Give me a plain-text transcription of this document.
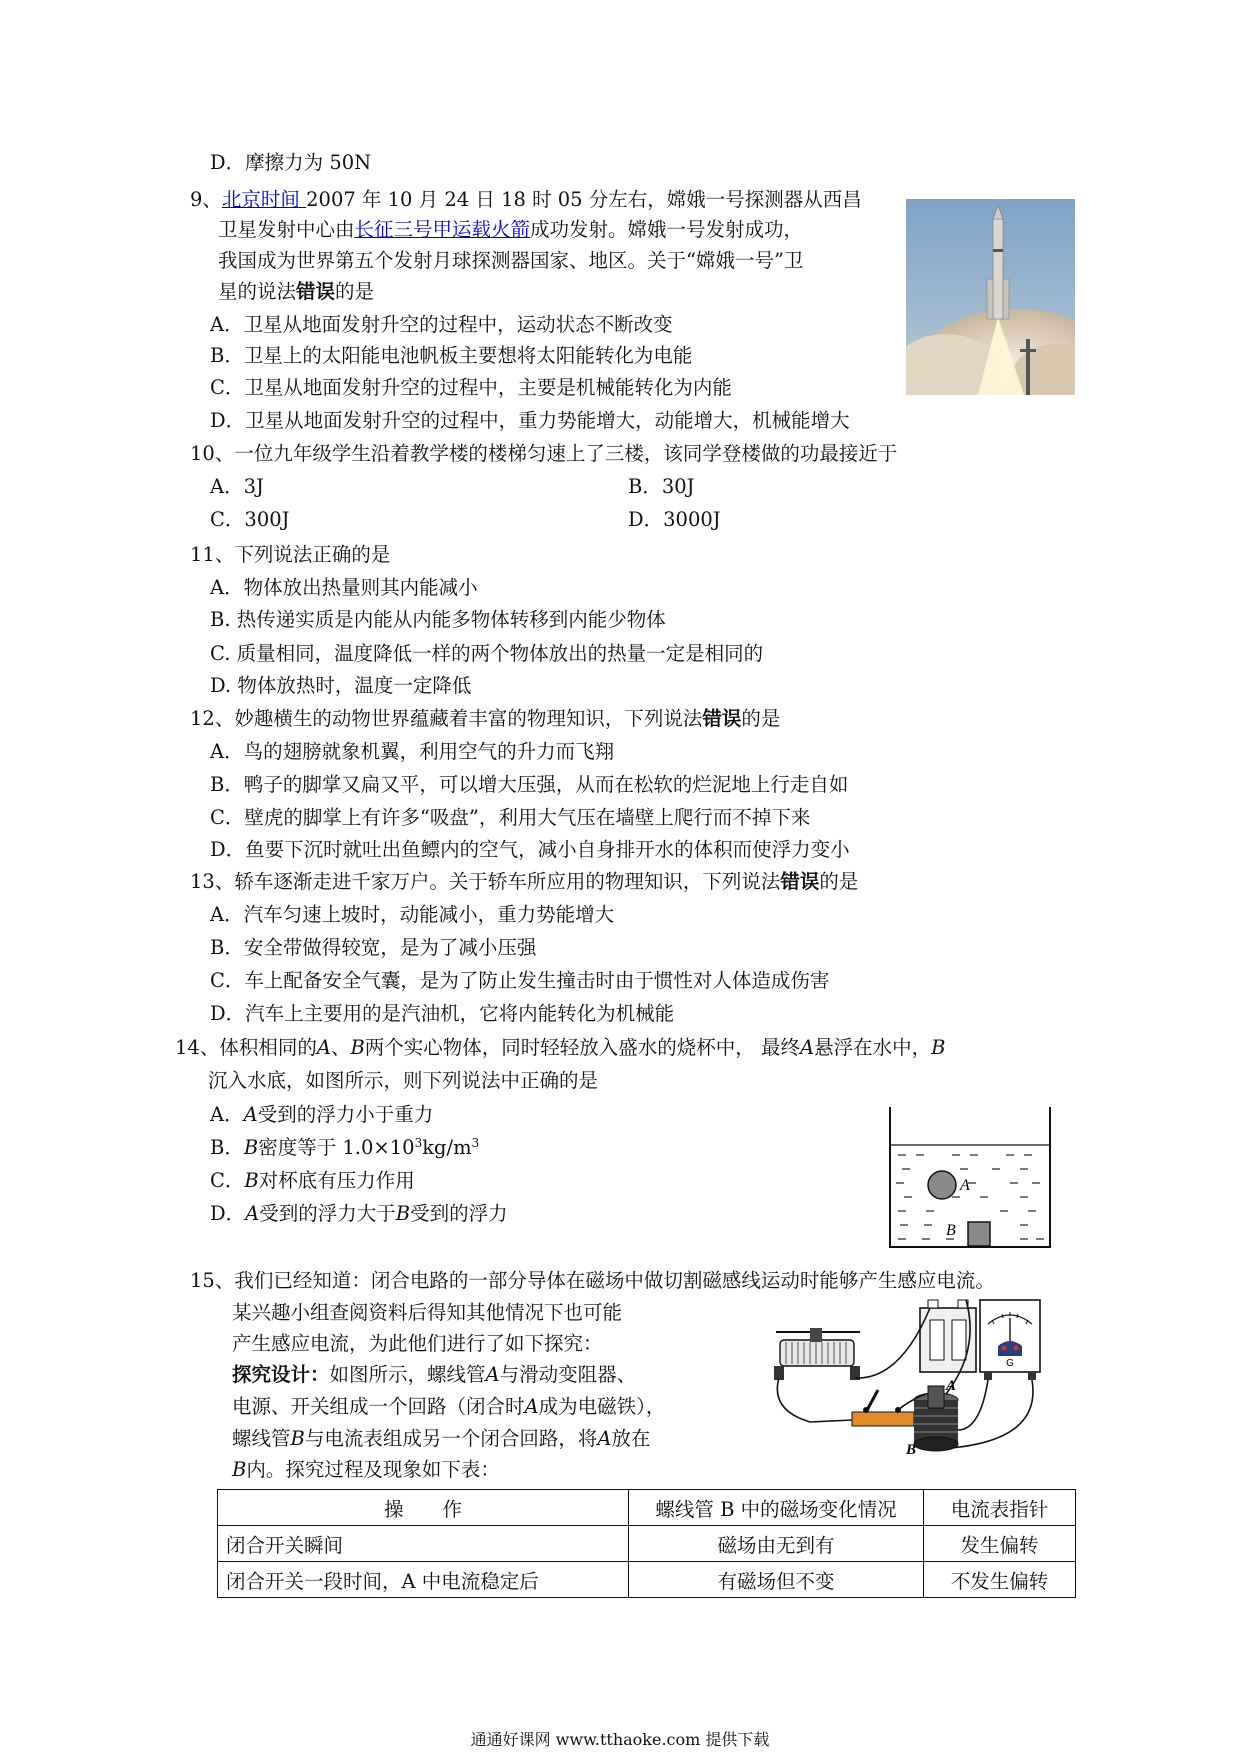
D．摩擦力为 50N
9、北京时间 2007 年 10 月 24 日 18 时 05 分左右，嫦娥一号探测器从西昌
卫星发射中心由长征三号甲运载火箭成功发射。嫦娥一号发射成功，
我国成为世界第五个发射月球探测器国家、地区。关于“嫦娥一号”卫
星的说法错误的是
A．卫星从地面发射升空的过程中，运动状态不断改变
B．卫星上的太阳能电池帆板主要想将太阳能转化为电能
C．卫星从地面发射升空的过程中，主要是机械能转化为内能
D．卫星从地面发射升空的过程中，重力势能增大，动能增大，机械能增大
10、一位九年级学生沿着教学楼的楼梯匀速上了三楼，该同学登楼做的功最接近于
A．3J	B．30J
C．300J	D．3000J
11、下列说法正确的是
A．物体放出热量则其内能减小
B. 热传递实质是内能从内能多物体转移到内能少物体
C. 质量相同，温度降低一样的两个物体放出的热量一定是相同的
D. 物体放热时，温度一定降低
12、妙趣横生的动物世界蕴藏着丰富的物理知识，下列说法错误的是
A．鸟的翅膀就象机翼，利用空气的升力而飞翔
B．鸭子的脚掌又扁又平，可以增大压强，从而在松软的烂泥地上行走自如
C．壁虎的脚掌上有许多“吸盘”，利用大气压在墙壁上爬行而不掉下来
D．鱼要下沉时就吐出鱼鳔内的空气，减小自身排开水的体积而使浮力变小
13、轿车逐渐走进千家万户。关于轿车所应用的物理知识，下列说法错误的是
A．汽车匀速上坡时，动能减小，重力势能增大
B．安全带做得较宽，是为了减小压强
C．车上配备安全气囊，是为了防止发生撞击时由于惯性对人体造成伤害
D．汽车上主要用的是汽油机，它将内能转化为机械能
14、体积相同的A、B两个实心物体，同时轻轻放入盛水的烧杯中， 最终A悬浮在水中，B
沉入水底，如图所示，则下列说法中正确的是
A．A受到的浮力小于重力
B．B密度等于 $1.0\times 10^3kg/m^3$
C．B对杯底有压力作用
D．A受到的浮力大于B受到的浮力
A
B
15、我们已经知道：闭合电路的一部分导体在磁场中做切割磁感线运动时能够产生感应电流。
某兴趣小组查阅资料后得知其他情况下也可能
产生感应电流，为此他们进行了如下探究：
探究设计：如图所示，螺线管A与滑动变阻器、
电源、开关组成一个回路（闭合时A成为电磁铁），
螺线管B与电流表组成另一个闭合回路，将A放在
B内。探究过程及现象如下表：
A
B
G
操　　作	螺线管 B 中的磁场变化情况	电流表指针
闭合开关瞬间	磁场由无到有	发生偏转
闭合开关一段时间，A 中电流稳定后	有磁场但不变	不发生偏转
通通好课网 www.tthaoke.com 提供下载
